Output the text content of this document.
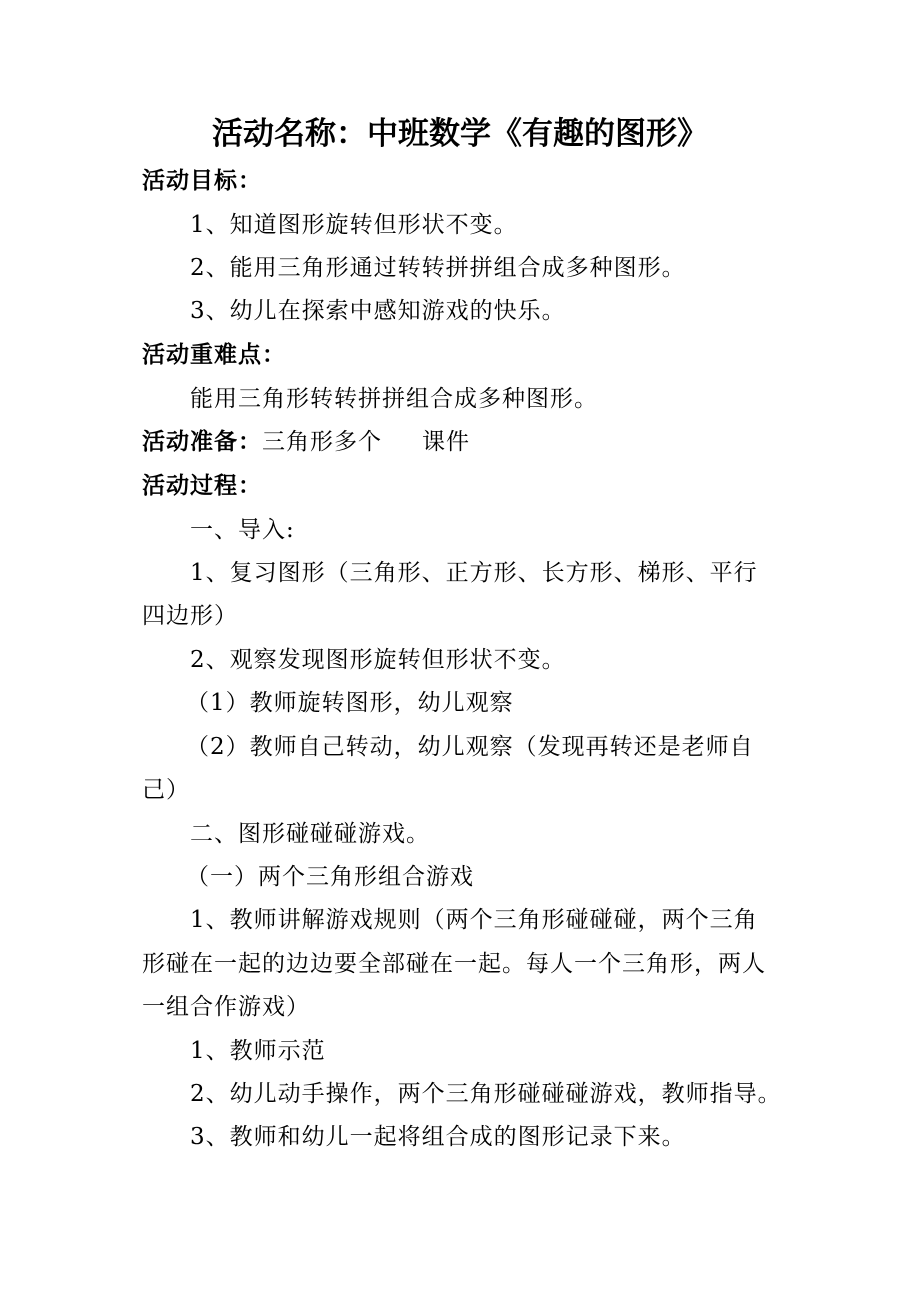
活动名称：中班数学《有趣的图形》
活动目标：
1、知道图形旋转但形状不变。
2、能用三角形通过转转拼拼组合成多种图形。
3、幼儿在探索中感知游戏的快乐。
活动重难点：
能用三角形转转拼拼组合成多种图形。
活动准备：三角形多个 课件
活动过程：
一、导入:
1、复习图形（三角形、正方形、长方形、梯形、平行
四边形）
2、观察发现图形旋转但形状不变。
（1）教师旋转图形，幼儿观察
（2）教师自己转动，幼儿观察（发现再转还是老师自
己）
二、图形碰碰碰游戏。
（一）两个三角形组合游戏
1、教师讲解游戏规则（两个三角形碰碰碰，两个三角
形碰在一起的边边要全部碰在一起。每人一个三角形，两人
一组合作游戏）
1、教师示范
2、幼儿动手操作，两个三角形碰碰碰游戏，教师指导。
3、教师和幼儿一起将组合成的图形记录下来。
